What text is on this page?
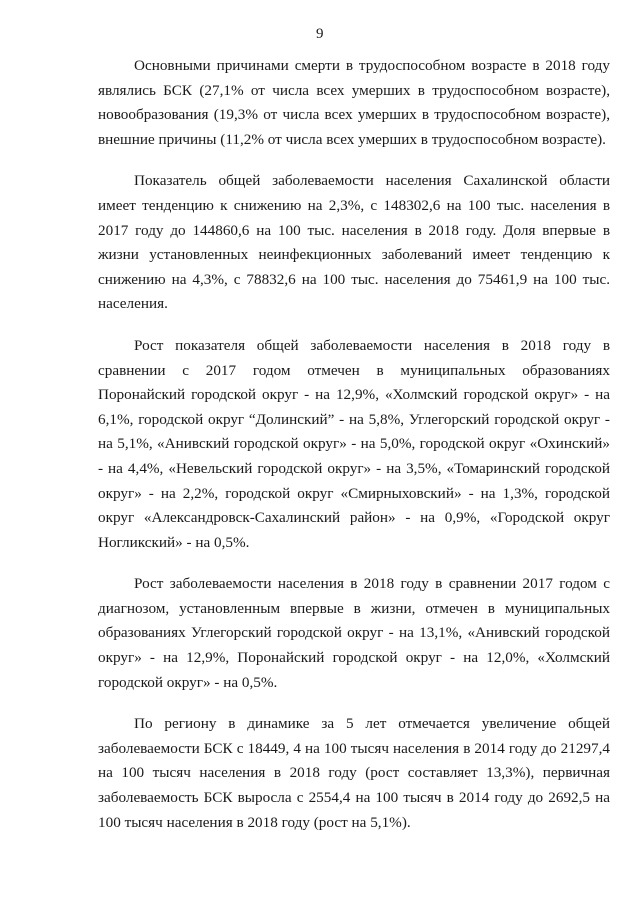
9

Основными причинами смерти в трудоспособном возрасте в 2018 году являлись БСК (27,1% от числа всех умерших в трудоспособном возрасте), новообразования (19,3% от числа всех умерших в трудоспособном возрасте), внешние причины (11,2% от числа всех умерших в трудоспособном возрасте).

Показатель общей заболеваемости населения Сахалинской области имеет тенденцию к снижению на 2,3%, с 148302,6 на 100 тыс. населения в 2017 году до 144860,6 на 100 тыс. населения в 2018 году. Доля впервые в жизни установленных неинфекционных заболеваний имеет тенденцию к снижению на 4,3%, с 78832,6 на 100 тыс. населения до 75461,9 на 100 тыс. населения.

Рост показателя общей заболеваемости населения в 2018 году в сравнении с 2017 годом отмечен в муниципальных образованиях Поронайский городской округ - на 12,9%, «Холмский городской округ» - на 6,1%, городской округ “Долинский” - на 5,8%, Углегорский городской округ - на 5,1%, «Анивский городской округ» - на 5,0%, городской округ «Охинский» - на 4,4%, «Невельский городской округ» - на 3,5%, «Томаринский городской округ» - на 2,2%, городской округ «Смирныховский» - на 1,3%, городской округ «Александровск-Сахалинский район» - на 0,9%, «Городской округ Ногликский» - на 0,5%.

Рост заболеваемости населения в 2018 году в сравнении 2017 годом с диагнозом, установленным впервые в жизни, отмечен в муниципальных образованиях Углегорский городской округ - на 13,1%, «Анивский городской округ» - на 12,9%, Поронайский городской округ - на 12,0%, «Холмский городской округ» - на 0,5%.

По региону в динамике за 5 лет отмечается увеличение общей заболеваемости БСК с 18449, 4 на 100 тысяч населения в 2014 году до 21297,4 на 100 тысяч населения в 2018 году (рост составляет 13,3%), первичная заболеваемость БСК выросла с 2554,4 на 100 тысяч в 2014 году до 2692,5 на 100 тысяч населения в 2018 году (рост на 5,1%).
